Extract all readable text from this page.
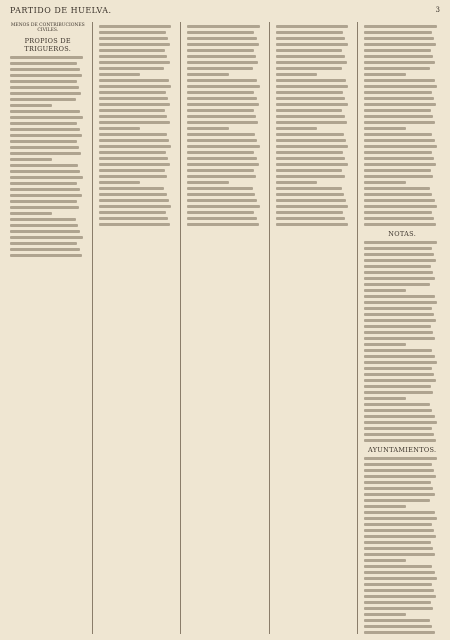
PARTIDO DE HUELVA.	3
MENOS DE CONTRIBUCIONES CIVILES.
PROPIOS DE TRIGUEROS.
NOTAS.
AYUNTAMIENTOS.
